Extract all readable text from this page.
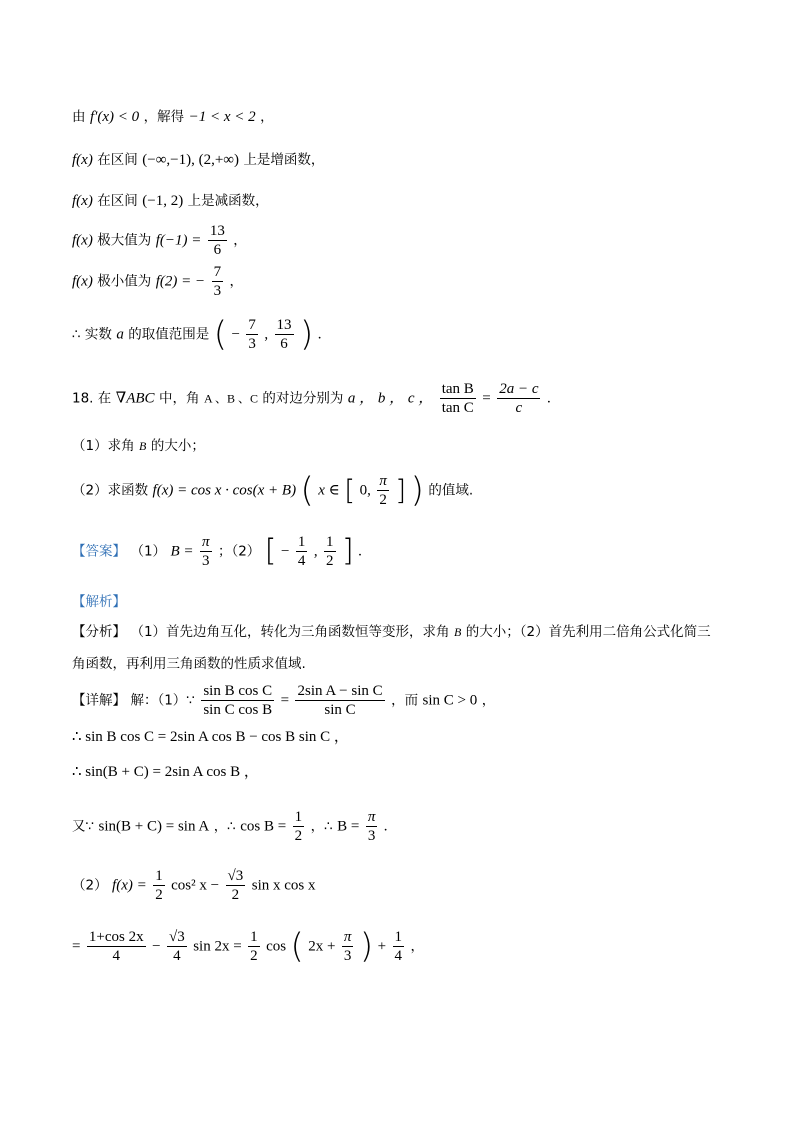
由 f′(x) < 0 ，解得 −1 < x < 2 ，
f(x) 在区间 (−∞,−1), (2,+∞) 上是增函数，
f(x) 在区间 (−1, 2) 上是减函数，
f(x) 极大值为 $f(-1) = \frac{13}{6}$ ，
f(x) 极小值为 f(2) = − $\frac{7}{3}$ ，
∴ 实数 a 的取值范围是 ( − $\frac{7}{3}$ , $\frac{13}{6}$ ) .
18. 在 ∇ABC 中，角 A 、B 、C 的对边分别为 a ， b ， c ， $\frac{\text{tan B}}{\text{tan C}} = \frac{2a - c}{c}$ .
（1）求角 B 的大小；
（2）求函数 f(x) = cos x · cos(x + B) ( x ∈ [ 0, $\frac{\pi}{2}$ ] ) 的值域.
【答案】 （1） $B = \frac{\pi}{3}$ ；（2） [ − $\frac{1}{4}$ , $\frac{1}{2}$ ] .
【解析】
【分析】 （1）首先边角互化，转化为三角函数恒等变形，求角 B 的大小；（2）首先利用二倍角公式化简三
角函数，再利用三角函数的性质求值域.
【详解】 解：（1）∵ $\frac{\text{sin B cos C}}{\text{sin C cos B}} = \frac{\text{2sin A − sin C}}{\text{sin C}}$ ，而 sin C > 0 ，
∴ sin B cos C = 2sin A cos B − cos B sin C ，
∴ sin(B + C) = 2sin A cos B ，
又∵ sin(B + C) = sin A ，∴ $\cos B = \frac{1}{2}$ ，∴ $B = \frac{\pi}{3}$ .
（2） $f(x) = \frac{1}{2} \cos^2$ $x - \frac{√3}{2}$ sin x cos x
= $\frac{1+\cos 2x}{4} - \frac{√3}{4}$ $\sin 2x = \frac{1}{2}$ cos ( $2x + \frac{\pi}{3}$ ) + $\frac{1}{4}$ ，
